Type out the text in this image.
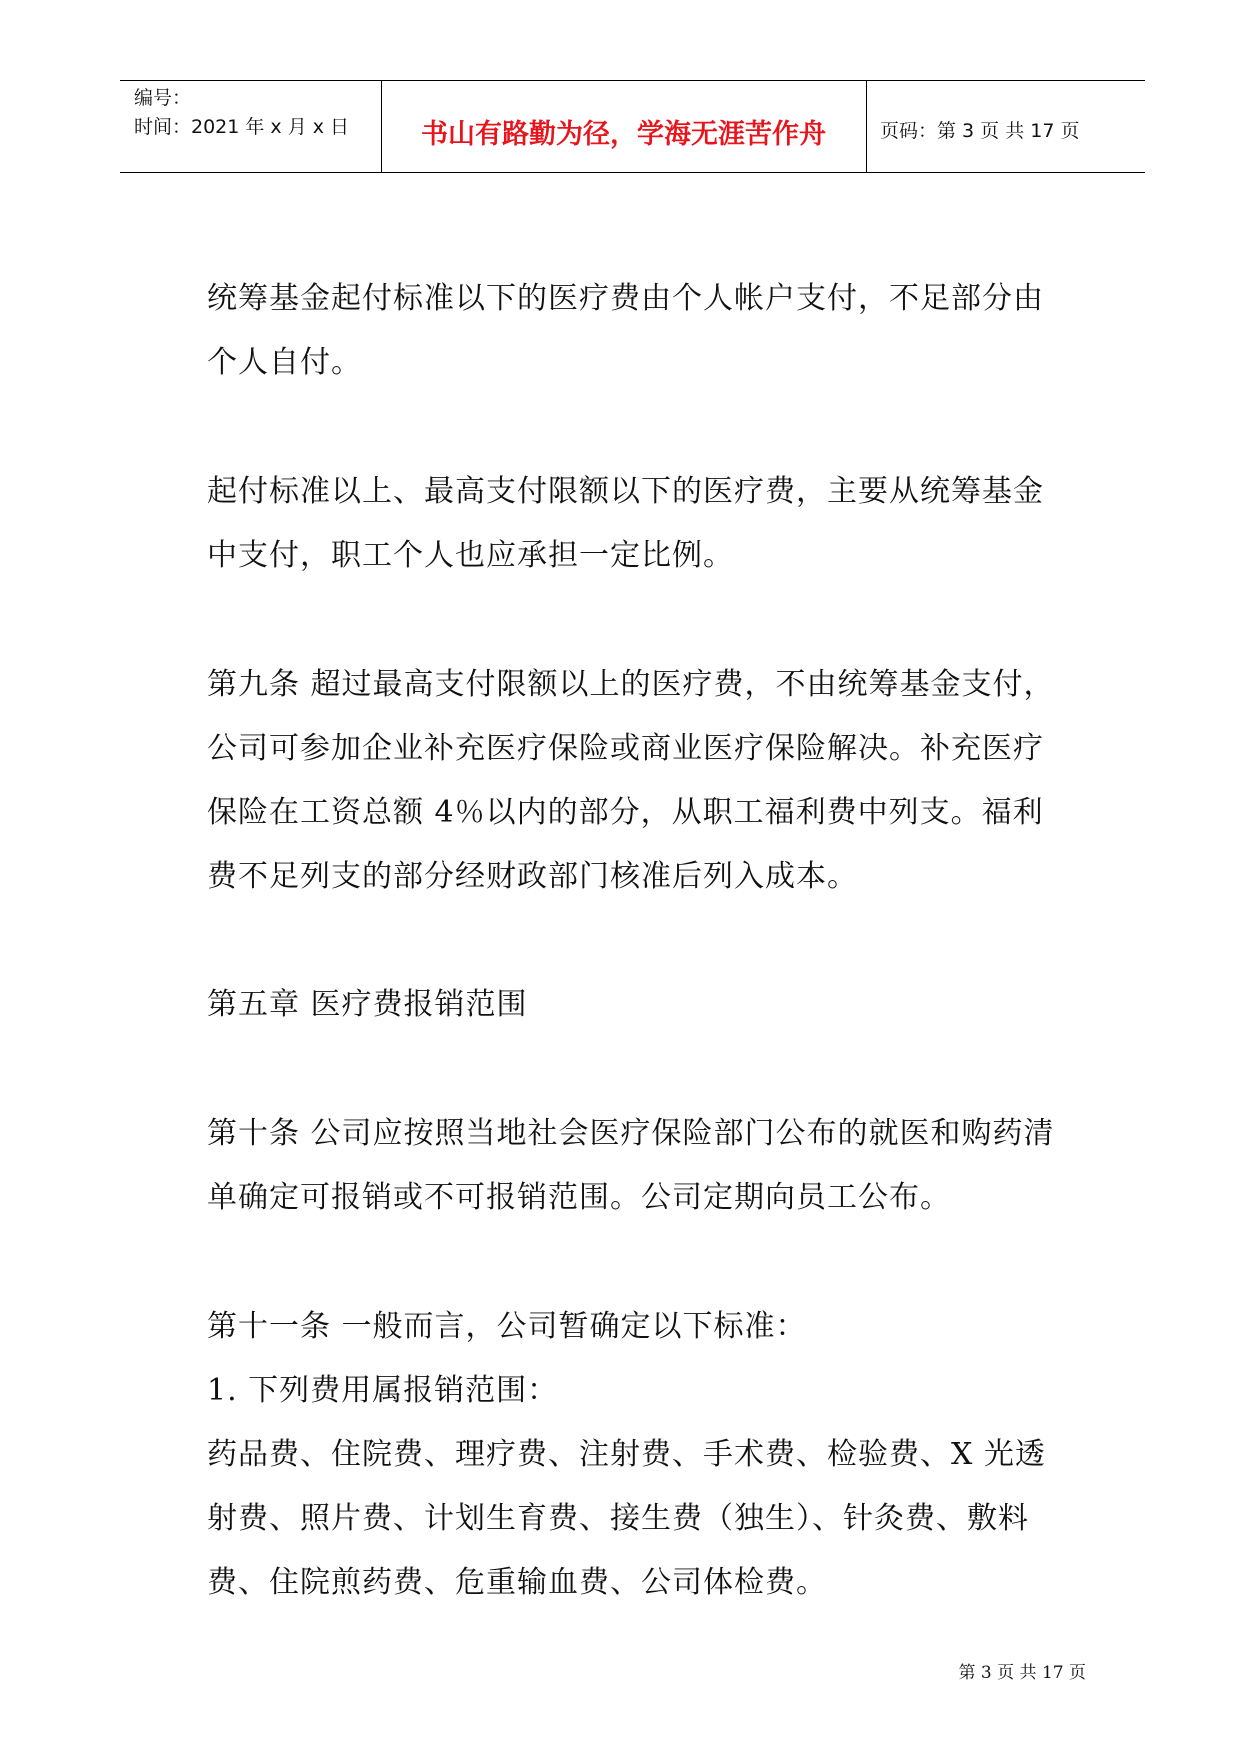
编号：
时间：2021 年 x 月 x 日	书山有路勤为径，学海无涯苦作舟	页码：第 3 页 共 17 页

统筹基金起付标准以下的医疗费由个人帐户支付，不足部分由个人自付。

起付标准以上、最高支付限额以下的医疗费，主要从统筹基金中支付，职工个人也应承担一定比例。

第九条 超过最高支付限额以上的医疗费，不由统筹基金支付，公司可参加企业补充医疗保险或商业医疗保险解决。补充医疗保险在工资总额 4％以内的部分，从职工福利费中列支。福利费不足列支的部分经财政部门核准后列入成本。

第五章 医疗费报销范围

第十条 公司应按照当地社会医疗保险部门公布的就医和购药清单确定可报销或不可报销范围。公司定期向员工公布。

第十一条 一般而言，公司暂确定以下标准：

1. 下列费用属报销范围：

药品费、住院费、理疗费、注射费、手术费、检验费、X 光透射费、照片费、计划生育费、接生费（独生）、针灸费、敷料费、住院煎药费、危重输血费、公司体检费。

第 3 页 共 17 页
